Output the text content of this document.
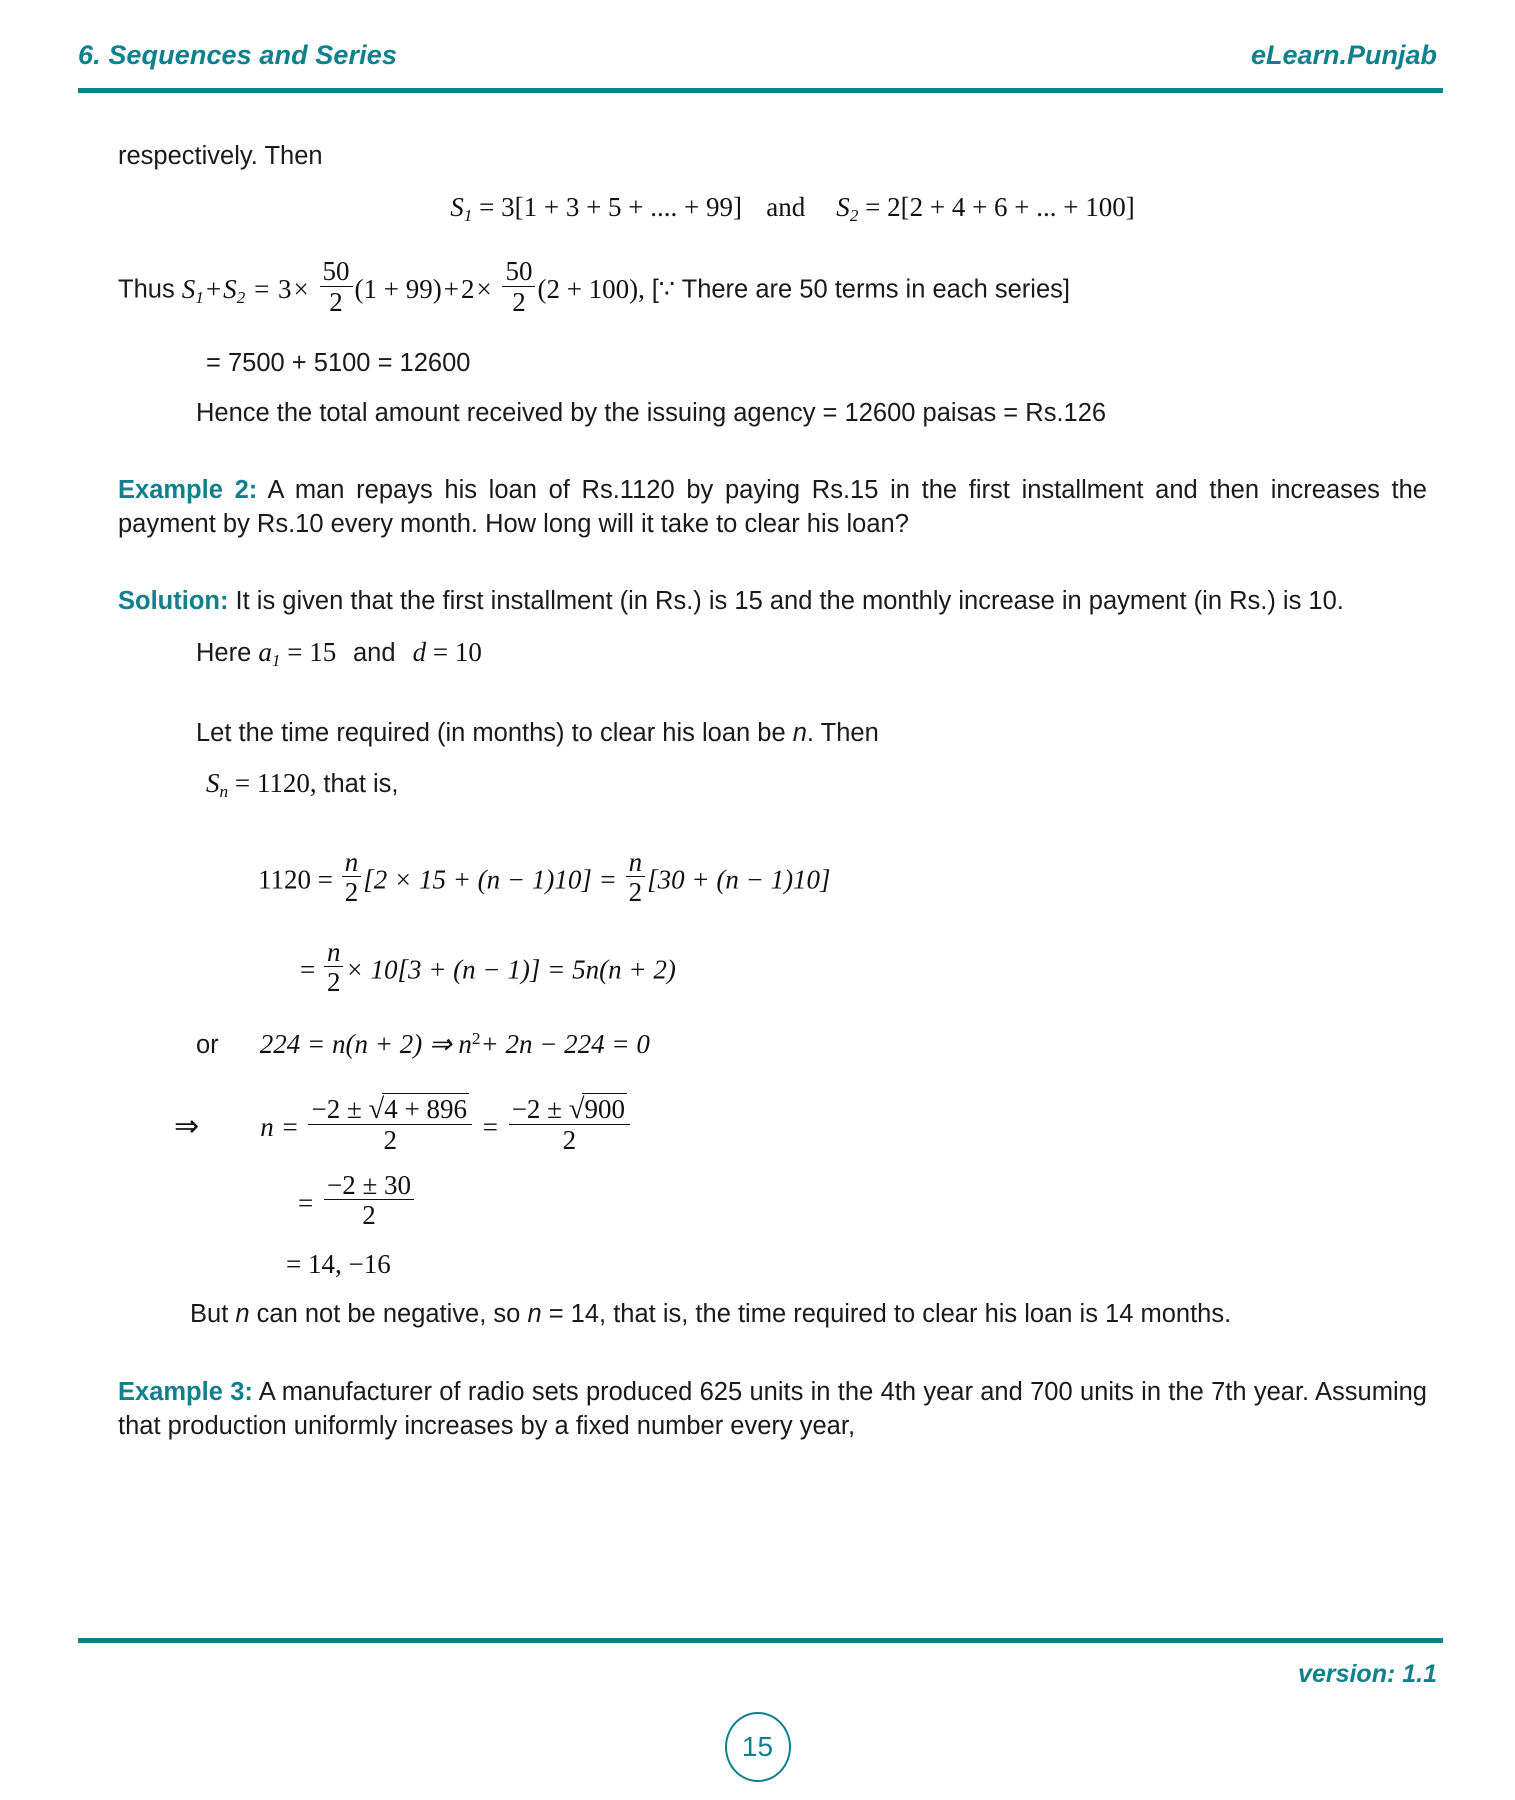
6. Sequences and Series	eLearn.Punjab
respectively. Then
$S_1 = 3[1 + 3 + 5$ + .... + 99] and $S_2 = 2[2 + 4 + 6$ + ... + 100]
Thus $S_1+S_2 = 3\times \frac{50}{2} (1 + 99)+2\times \frac{50}{2} (2 + 100)$, [∵ There are 50 terms in each series]
= 7500 + 5100 = 12600
Hence the total amount received by the issuing agency = 12600 paisas = Rs.126
Example 2: A man repays his loan of Rs.1120 by paying Rs.15 in the first installment and then increases the payment by Rs.10 every month. How long will it take to clear his loan?
Solution: It is given that the first installment (in Rs.) is 15 and the monthly increase in payment (in Rs.) is 10.
Here $a_1 = 15$ and d = 10
Let the time required (in months) to clear his loan be n. Then
$S_n = 1120$, that is,
$1120 = \frac{n}{2} [2 \times 15 + (n - 1)10] = \frac{n}{2} [30 + (n - 1)10]$
= $\frac{n}{2} \times 10[3 + (n - 1)] = 5n(n + 2)$
or 224 = n(n + 2) ⇒ $n^2+ 2n - 224 = 0$
⇒ $n = \frac{-2 \pm √4 + 896}{2} = \frac{-2 \pm √900}{2}$
= $\frac{-2 \pm 30}{2}$
= 14, −16
But n can not be negative, so n = 14, that is, the time required to clear his loan is 14 months.
Example 3: A manufacturer of radio sets produced 625 units in the 4th year and 700 units in the 7th year. Assuming that production uniformly increases by a fixed number every year,
version: 1.1
15
